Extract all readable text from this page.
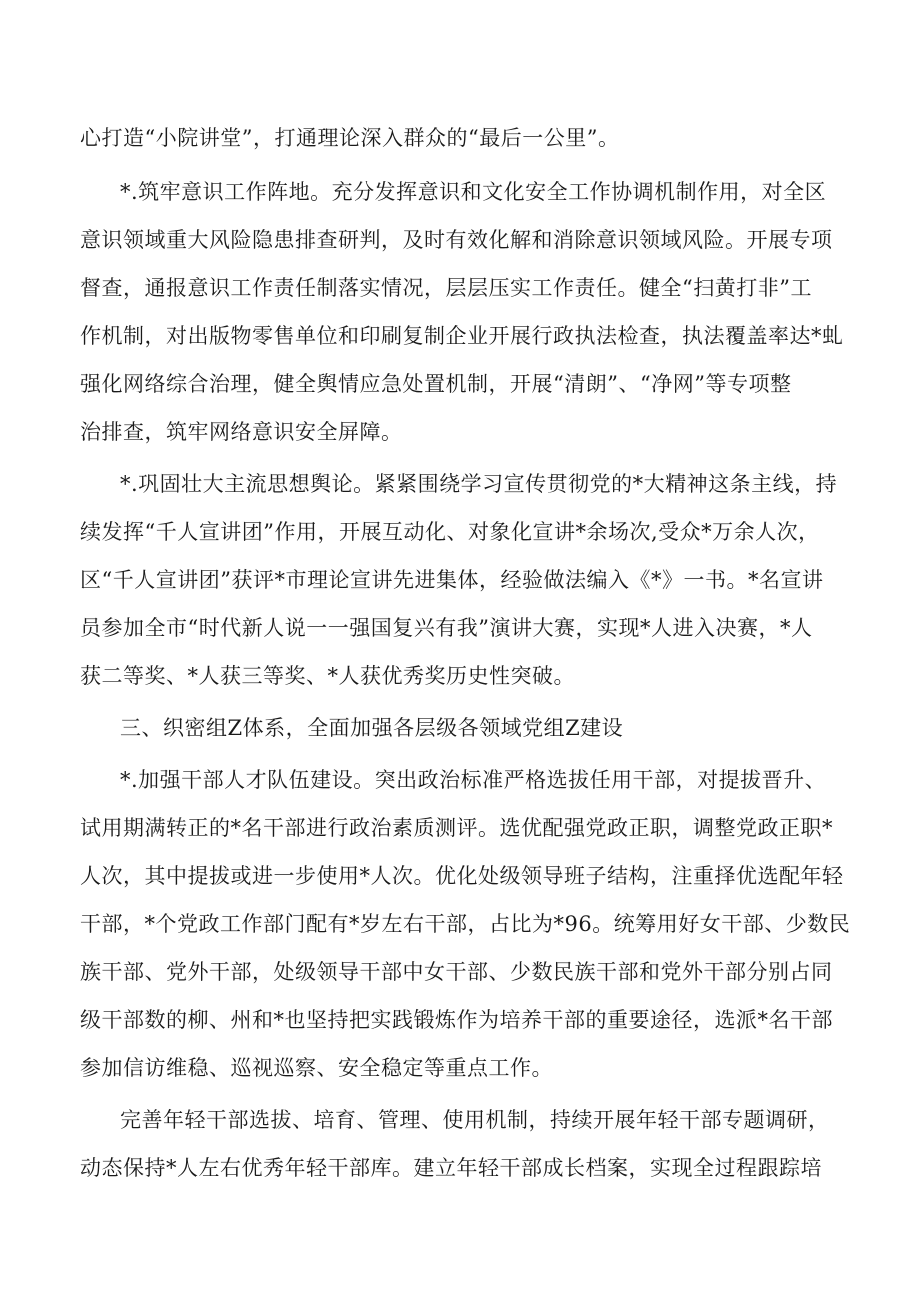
心打造“小院讲堂”，打通理论深入群众的“最后一公里”。
*.筑牢意识工作阵地。充分发挥意识和文化安全工作协调机制作用，对全区
意识领域重大风险隐患排查研判，及时有效化解和消除意识领域风险。开展专项
督查，通报意识工作责任制落实情况，层层压实工作责任。健全“扫黄打非”工
作机制，对出版物零售单位和印刷复制企业开展行政执法检查，执法覆盖率达*虬
强化网络综合治理，健全舆情应急处置机制，开展“清朗”、“净网”等专项整
治排查，筑牢网络意识安全屏障。
*.巩固壮大主流思想舆论。紧紧围绕学习宣传贯彻党的*大精神这条主线，持
续发挥“千人宣讲团”作用，开展互动化、对象化宣讲*余场次,受众*万余人次，
区“千人宣讲团”获评*市理论宣讲先进集体，经验做法编入《*》一书。*名宣讲
员参加全市“时代新人说一一强国复兴有我”演讲大赛，实现*人进入决赛，*人
获二等奖、*人获三等奖、*人获优秀奖历史性突破。
三、织密组Z体系，全面加强各层级各领域党组Z建设
*.加强干部人才队伍建设。突出政治标准严格选拔任用干部，对提拔晋升、
试用期满转正的*名干部进行政治素质测评。选优配强党政正职，调整党政正职*
人次，其中提拔或进一步使用*人次。优化处级领导班子结构，注重择优选配年轻
干部，*个党政工作部门配有*岁左右干部，占比为*96。统筹用好女干部、少数民
族干部、党外干部，处级领导干部中女干部、少数民族干部和党外干部分别占同
级干部数的柳、州和*也坚持把实践锻炼作为培养干部的重要途径，选派*名干部
参加信访维稳、巡视巡察、安全稳定等重点工作。
完善年轻干部选拔、培育、管理、使用机制，持续开展年轻干部专题调研，
动态保持*人左右优秀年轻干部库。建立年轻干部成长档案，实现全过程跟踪培
